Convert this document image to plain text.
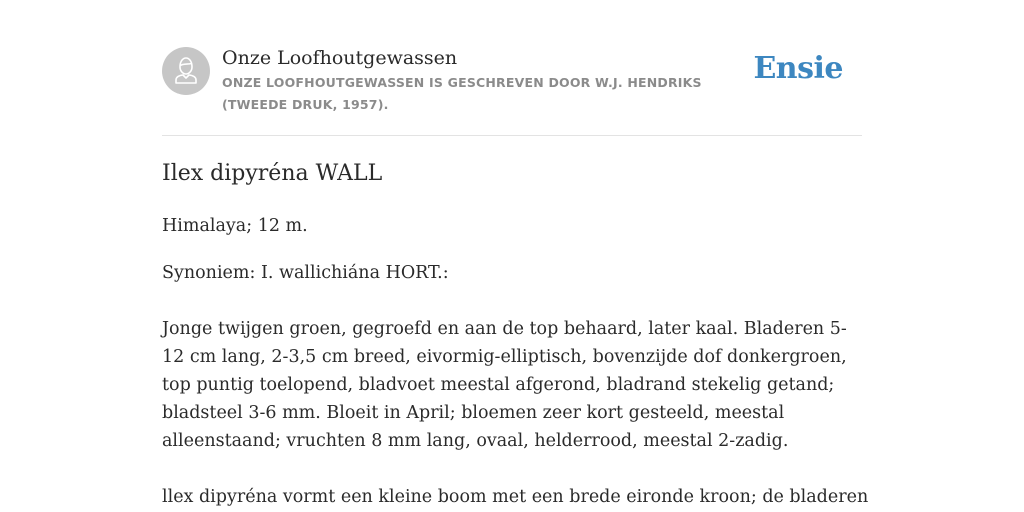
Onze Loofhoutgewassen
ONZE LOOFHOUTGEWASSEN IS GESCHREVEN DOOR W.J. HENDRIKS (TWEEDE DRUK, 1957).
Ensie
Ilex dipyréna WALL

Himalaya; 12 m.

Synoniem: I. wallichiána HORT.:

Jonge twijgen groen, gegroefd en aan de top behaard, later kaal. Bladeren 5-12 cm lang, 2-3,5 cm breed, eivormig-elliptisch, bovenzijde dof donkergroen, top puntig toelopend, bladvoet meestal afgerond, bladrand stekelig getand; bladsteel 3-6 mm. Bloeit in April; bloemen zeer kort gesteeld, meestal alleenstaand; vruchten 8 mm lang, ovaal, helderrood, meestal 2-zadig.

llex dipyréna vormt een kleine boom met een brede eironde kroon; de bladeren
